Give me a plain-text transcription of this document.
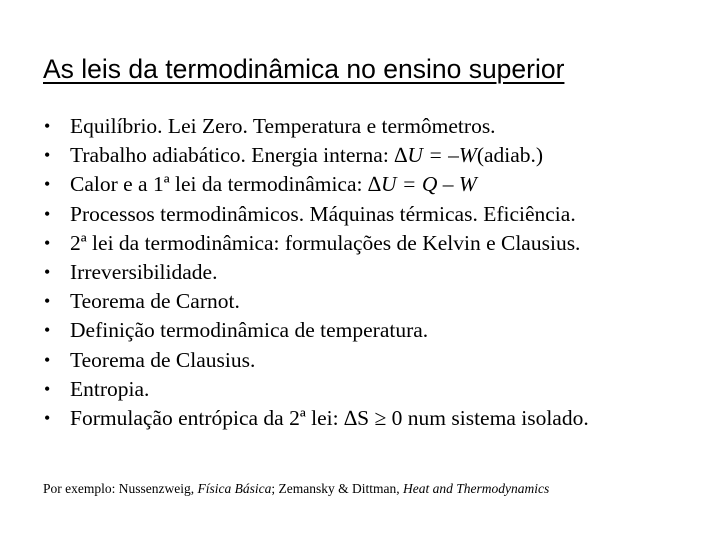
As leis da termodinâmica no ensino superior
• Equilíbrio. Lei Zero. Temperatura e termômetros.
• Trabalho adiabático. Energia interna: ∆U = –W(adiab.)
• Calor e a 1ª lei da termodinâmica: ∆U = Q – W
• Processos termodinâmicos. Máquinas térmicas. Eficiência.
• 2ª lei da termodinâmica: formulações de Kelvin e Clausius.
• Irreversibilidade.
• Teorema de Carnot.
• Definição termodinâmica de temperatura.
• Teorema de Clausius.
• Entropia.
• Formulação entrópica da 2ª lei: ∆S ≥ 0 num sistema isolado.
Por exemplo: Nussenzweig, Física Básica; Zemansky & Dittman, Heat and Thermodynamics
